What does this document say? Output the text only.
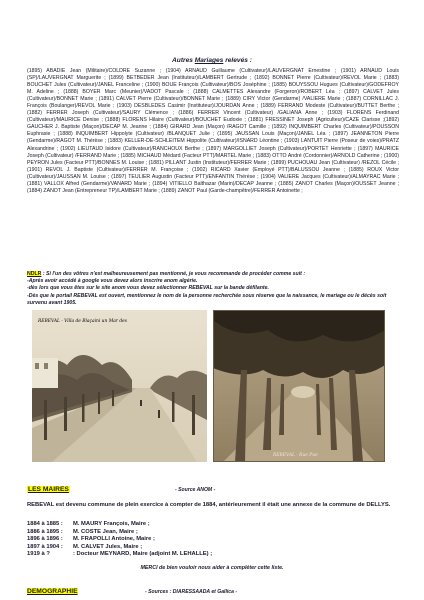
Autres Mariages relevés :

(1895) ABADIE Jean (Militaire)/COLDRE Suzanne ; (1904) ARNAUD Guillaume (Cultivateur)/LAUVERGNAT Ernestine ; (1901) ARNAUD Louis (SP)/LAUVERGNAT Marguerite ; (1899) BETBEDER Jean (Instituteur)/LAMBERT Gertrude ; (1892) BONNET Pierre (Cultivateur)/REVOL Marie ; (1883) BOUCHET Jules (Cultivateur)/JANEL Franceline ; (1900) BOUE François (Cultivateur)/BOS Joséphine ; (1885) BOUYSSOU Hugues (Cultivateur)/GODEFROY M. Adeline ; (1888) BOYER Marc (Meunier)/VADOT Pascale ; (1888) CALMETTES Alexandre (Forgeron)/ROBERT Léa ; (1897) CALVET Jules (Cultivateur)/BONNET Marie ; (1891) CALVET Pierre (Cultivateur)/BONNET Marie ; (1889) CIRY Victor (Gendarme) /VALIERE Marie ; (1887) CORNILLAC J. François (Boulanger)/REVOL Marie ; (1903) DESBLEDES Casimir (Instituteur)/JOURDAN Anne ; (1889) FERRAND Modeste (Cultivateur)/BUTTET Berthe ; (1882) FERRER Joseph (Cultivateur)/SAURY Clémence ; (1886) FERRER Vincent (Cultivateur) /GALIANA Anne ; (1903) FLORENS Ferdinand (Cultivateur)/MAURICE Denise ; (1888) FLORENS Hilaire (Cultivateur)/BOUCHET Eudoxie ; (1881) FRESSINET Joseph (Agriculteur)/CAZE Clarisse ;(1892) GAUCHER J. Baptiste (Maçon)/DECAP M. Jeanne ; (1884) GIRARD Jean (Maçon) /RAGOT Camille ; (1892) INQUIMBERT Charles (Cultivateur)/POUSSON Euphrasie ; (1888) INQUIMBERT Hippolyte (Cultivateur) /BLANQUET Julie ; (1895) JAUSSAN Louis (Maçon)/JANEL Léa ; (1897) JEANNETON Pierre (Gendarme)/RAGOT M. Thérèse ; (1883) KELLER-DE-SCHLEITEM Hippolite (Cultivateur)/ISNARD Léontine ; (1903) LANTUIT Pierre (Poseur de voies)/PRATZ Alexandrine ; (1902) LIEUTAUD Isidore (Cultivateur)/RANCHOUX Berthe ; (1897) MARGOLLIET Joseph (Cultivateur)/PORTET Henriette ; (1897) MAURICE Joseph (Cultivateur) /FERRAND Marie ; (1885) MICHAUD Médard (Facteur PTT)/MARTEL Marie ; (1883) OTTO André (Cordonnier)/ARNOLD Catherine ; (1900) PEYRON Jules (Facteur PTT)/BONNES M. Louise ; (1881) PILLANT Justin (Instituteur)/FERRER Marie ; (1899) PUCHOUAU Jean (Cultivateur) /REZOL Cécile ; (1901) REVOL J. Baptiste (Cultivateur)/FERRER M. Françoise ; (1902) RICARD Xavier (Employé PTT)/BALUSSOU Jeanne ; (1885) ROUX Victor (Cultivateur)/JAUSSAN M. Louise ; (1897) TEULIER Augustin (Facteur PTT)/ENFANTIN Thérèse ; (1904) VALIERE Jacques (Cultivateur)/ALMAYRAC Marie ; (1881) VALLOX Alfred (Gendarme)/VANARD Marie ; (1894) VITIELLO Balthazar (Marin)/DECAP Jeanne ; (1885) ZANOT Charles (Maçon)/OUSSET Jeanne ; (1884) ZANOT Jean (Entrepreneur TP)/LAMBERT Marie ; (1889) ZANOT Paul (Garde-champêtre)/FERRER Antoinette ;

NDLR : Si l'un des vôtres n'est malheureusement pas mentionné, je vous recommande de procéder comme suit :

-Après avoir accédé à google vous devez alors inscrire anom algérie.

-dès lors que vous êtes sur le site anom vous devez sélectionner REBEVAL sur la bande défilante.

-Dès que le portail REBEVAL est ouvert, mentionnez le nom de la personne recherchée sous réserve que la naissance, le mariage ou le décès soit survenu avant 1905.

REBEVAL - Villa de Blaçaini un Mar des
REBEVAL - Rue Pue
LES MAIRES	- Source ANOM -
REBEVAL est devenu commune de plein exercice à compter de 1884, antérieurement il était une annexe de la commune de DELLYS.
1884 à 1885 :	M. MAURY François, Maire ;
1886 à 1895 :	M. COSTE Jean, Maire ;
1896 à 1896 :	M. FRAPOLLI Antoine, Maire ;
1897 à 1904 :	M. CALVET Jules, Maire ;
1919 à ?	: Docteur MEYNARD, Maire (adjoint M. LEHALLE) ;
MERCI de bien vouloir nous aider à compléter cette liste.
DEMOGRAPHIE	- Sources : DIARESSAADA et Gallica -
